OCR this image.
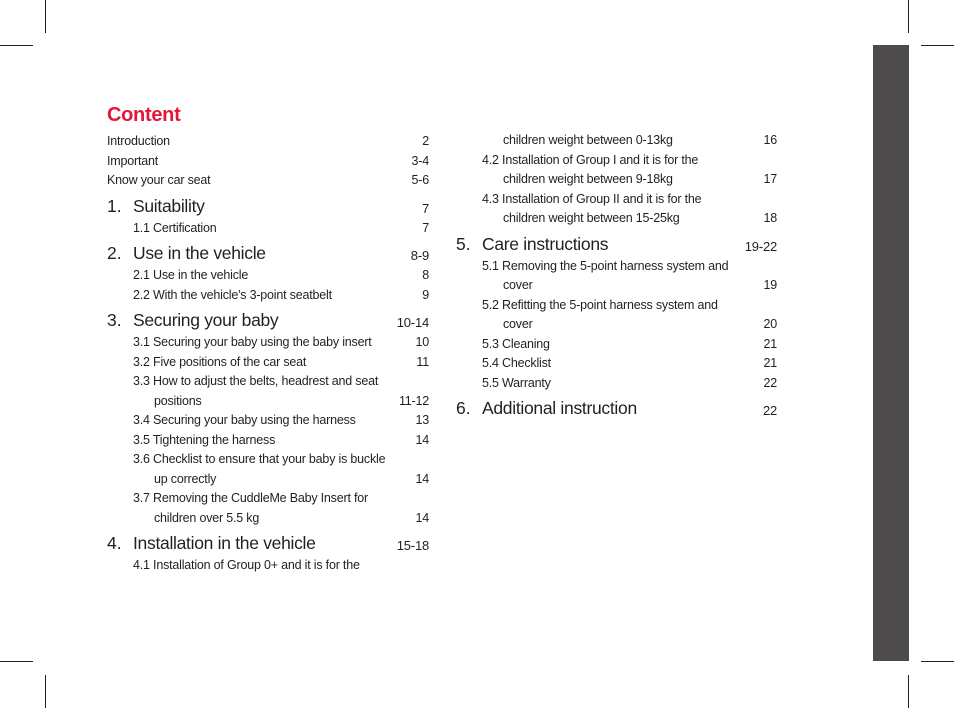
Content
Introduction	2
Important	3-4
Know your car seat	5-6
1. Suitability	7
1.1 Certification	7
2. Use in the vehicle	8-9
2.1 Use in the vehicle	8
2.2 With the vehicle's 3-point seatbelt	9
3. Securing your baby	10-14
3.1 Securing your baby using the baby insert	10
3.2 Five positions of the car seat	11
3.3 How to adjust the belts, headrest and seat
positions	11-12
3.4 Securing your baby using the harness	13
3.5 Tightening the harness	14
3.6 Checklist to ensure that your baby is buckle
up correctly	14
3.7 Removing the CuddleMe Baby Insert for
children over 5.5 kg	14
4. Installation in the vehicle	15-18
4.1 Installation of Group 0+ and it is for the
children weight between 0-13kg	16
4.2 Installation of Group I and it is for the
children weight between 9-18kg	17
4.3 Installation of Group II and it is for the
children weight between 15-25kg	18
5. Care instructions	19-22
5.1 Removing the 5-point harness system and
cover	19
5.2 Refitting the 5-point harness system and
cover	20
5.3 Cleaning	21
5.4 Checklist	21
5.5 Warranty	22
6. Additional instruction	22
